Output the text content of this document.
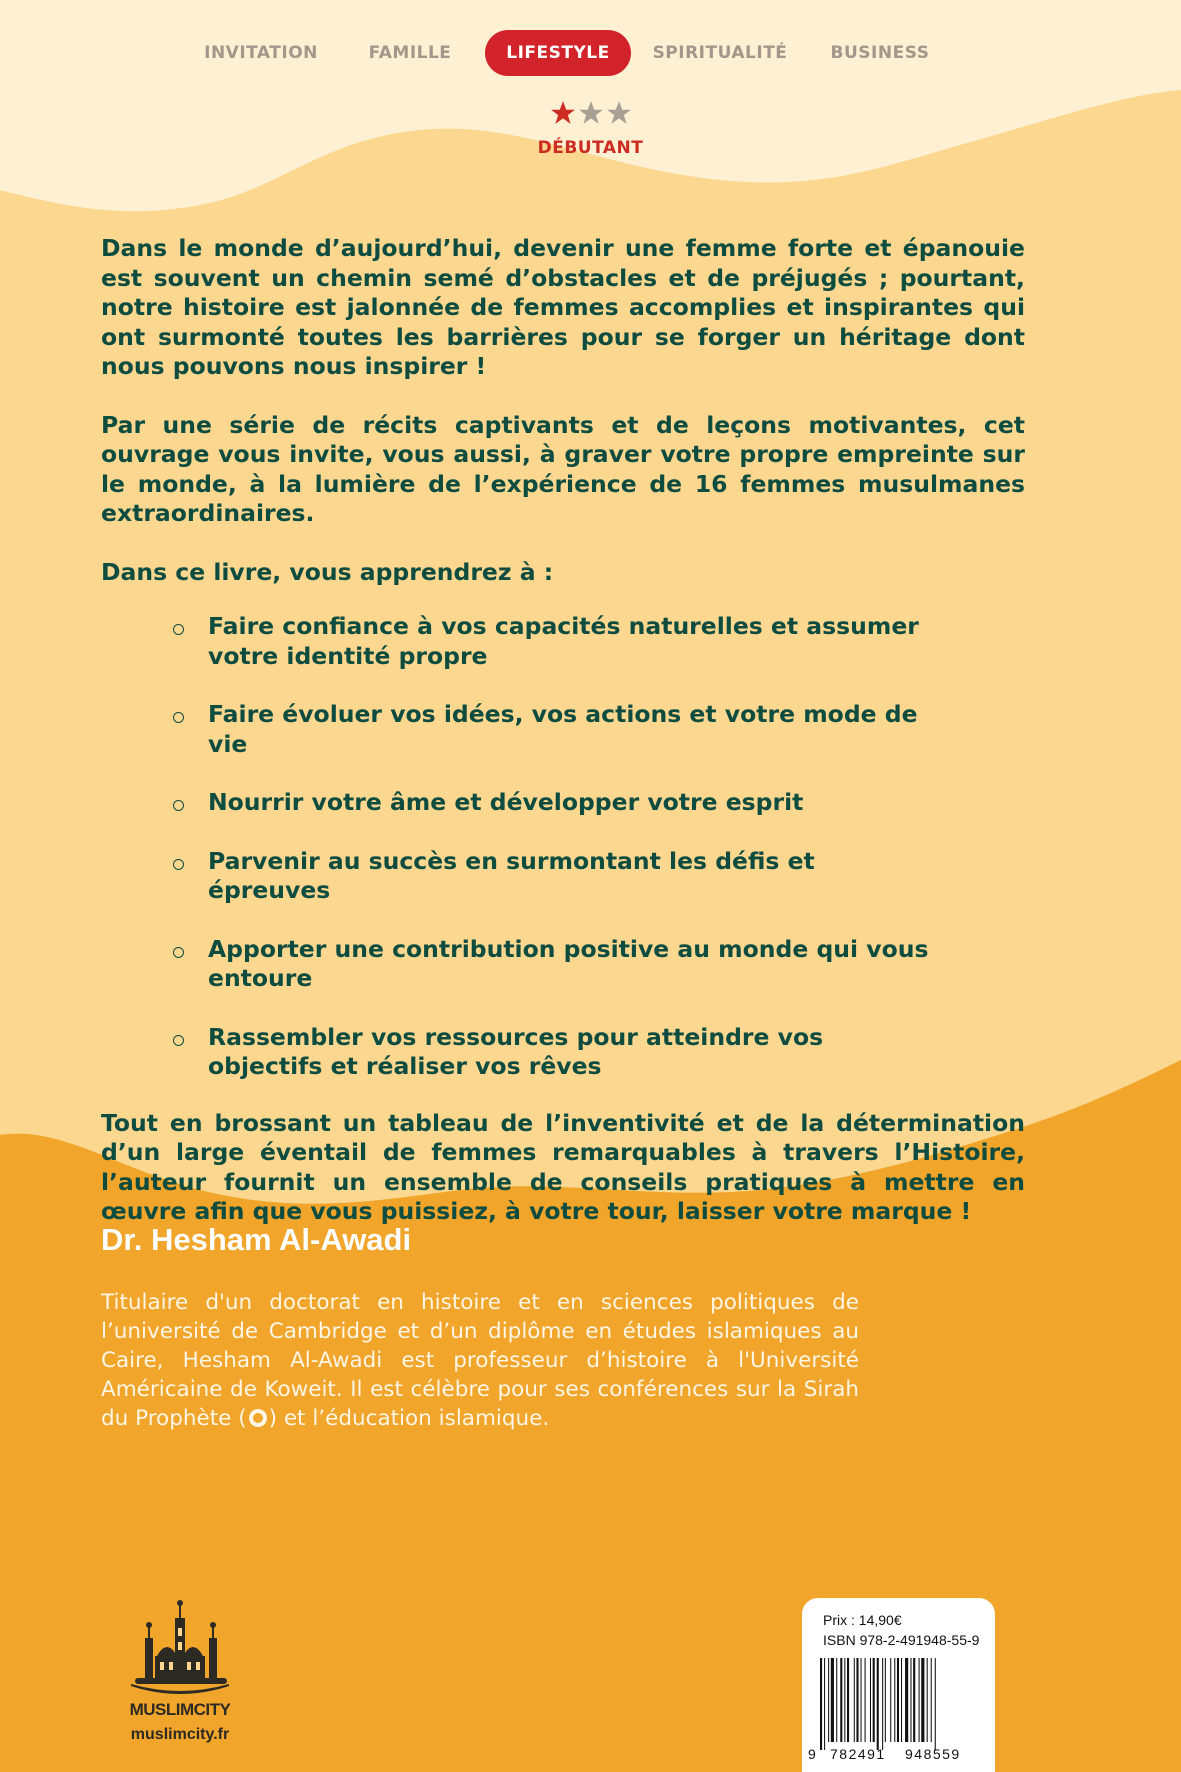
INVITATION	FAMILLE	LIFESTYLE	SPIRITUALITÉ	BUSINESS
DÉBUTANT

Dans le monde d’aujourd’hui, devenir une femme forte et épanouie est souvent un chemin semé d’obstacles et de préjugés ; pourtant, notre histoire est jalonnée de femmes accomplies et inspirantes qui ont surmonté toutes les barrières pour se forger un héritage dont nous pouvons nous inspirer !

Par une série de récits captivants et de leçons motivantes, cet ouvrage vous invite, vous aussi, à graver votre propre empreinte sur le monde, à la lumière de l’expérience de 16 femmes musulmanes extraordinaires.

Dans ce livre, vous apprendrez à :

Faire confiance à vos capacités naturelles et assumer votre identité propre
Faire évoluer vos idées, vos actions et votre mode de vie
Nourrir votre âme et développer votre esprit
Parvenir au succès en surmontant les défis et épreuves
Apporter une contribution positive au monde qui vous entoure
Rassembler vos ressources pour atteindre vos objectifs et réaliser vos rêves

Tout en brossant un tableau de l’inventivité et de la détermination d’un large éventail de femmes remarquables à travers l’Histoire, l’auteur fournit un ensemble de conseils pratiques à mettre en œuvre afin que vous puissiez, à votre tour, laisser votre marque !

Dr. Hesham Al-Awadi

Titulaire d'un doctorat en histoire et en sciences politiques de l’université de Cambridge et d’un diplôme en études islamiques au Caire, Hesham Al-Awadi est professeur d’histoire à l'Université Américaine de Koweit. Il est célèbre pour ses conférences sur la Sirah du Prophète ( ) et l’éducation islamique.

MUSLIMCITY
muslimcity.fr
Prix : 14,90€
ISBN 978-2-491948-55-9
9 782491 948559
